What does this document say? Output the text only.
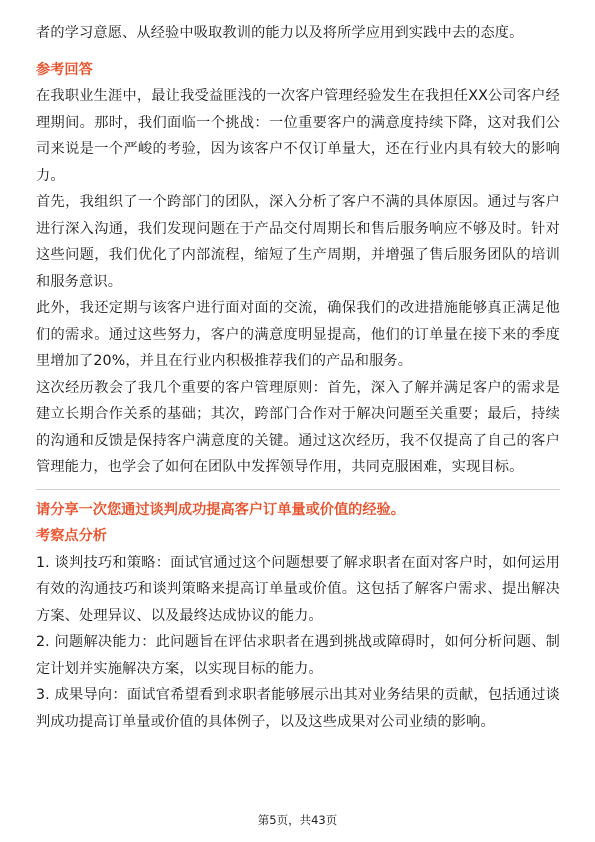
者的学习意愿、从经验中吸取教训的能力以及将所学应用到实践中去的态度。

参考回答

在我职业生涯中，最让我受益匪浅的一次客户管理经验发生在我担任XX公司客户经理期间。那时，我们面临一个挑战：一位重要客户的满意度持续下降，这对我们公司来说是一个严峻的考验，因为该客户不仅订单量大，还在行业内具有较大的影响力。

首先，我组织了一个跨部门的团队，深入分析了客户不满的具体原因。通过与客户进行深入沟通，我们发现问题在于产品交付周期长和售后服务响应不够及时。针对这些问题，我们优化了内部流程，缩短了生产周期，并增强了售后服务团队的培训和服务意识。

此外，我还定期与该客户进行面对面的交流，确保我们的改进措施能够真正满足他们的需求。通过这些努力，客户的满意度明显提高，他们的订单量在接下来的季度里增加了20%，并且在行业内积极推荐我们的产品和服务。

这次经历教会了我几个重要的客户管理原则：首先，深入了解并满足客户的需求是建立长期合作关系的基础；其次，跨部门合作对于解决问题至关重要；最后，持续的沟通和反馈是保持客户满意度的关键。通过这次经历，我不仅提高了自己的客户管理能力，也学会了如何在团队中发挥领导作用，共同克服困难，实现目标。

请分享一次您通过谈判成功提高客户订单量或价值的经验。

考察点分析

1. 谈判技巧和策略：面试官通过这个问题想要了解求职者在面对客户时，如何运用有效的沟通技巧和谈判策略来提高订单量或价值。这包括了解客户需求、提出解决方案、处理异议、以及最终达成协议的能力。

2. 问题解决能力：此问题旨在评估求职者在遇到挑战或障碍时，如何分析问题、制定计划并实施解决方案，以实现目标的能力。

3. 成果导向：面试官希望看到求职者能够展示出其对业务结果的贡献，包括通过谈判成功提高订单量或价值的具体例子，以及这些成果对公司业绩的影响。

第5页，共43页
